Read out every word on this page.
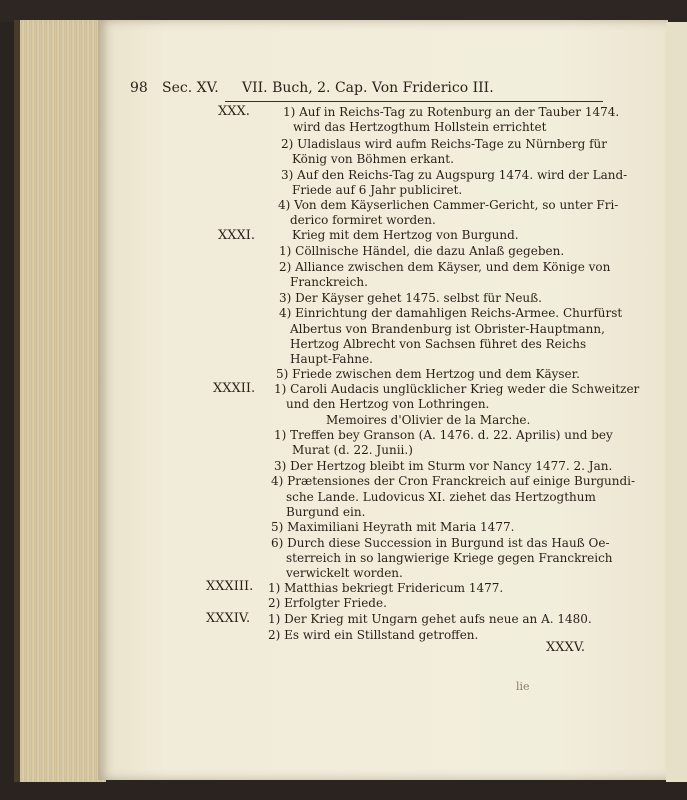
98 Sec. XV. VII. Buch, 2. Cap. Von Friderico III.
XXX.	1) Auf in Reichs-Tag zu Rotenburg an der Tauber 1474.
wird das Hertzogthum Hollstein errichtet
2) Uladislaus wird aufm Reichs-Tage zu Nürnberg für
König von Böhmen erkant.
3) Auf den Reichs-Tag zu Augspurg 1474. wird der Land-
Friede auf 6 Jahr publiciret.
4) Von dem Käyserlichen Cammer-Gericht, so unter Fri-
derico formiret worden.
XXXI.	Krieg mit dem Hertzog von Burgund.
1) Cöllnische Händel, die dazu Anlaß gegeben.
2) Alliance zwischen dem Käyser, und dem Könige von
Franckreich.
3) Der Käyser gehet 1475. selbst für Neuß.
4) Einrichtung der damahligen Reichs-Armee. Churfürst
Albertus von Brandenburg ist Obrister-Hauptmann,
Hertzog Albrecht von Sachsen führet des Reichs
Haupt-Fahne.
5) Friede zwischen dem Hertzog und dem Käyser.
XXXII. 1) Caroli Audacis unglücklicher Krieg weder die Schweitzer
und den Hertzog von Lothringen.
Memoires d'Olivier de la Marche.
1) Treffen bey Granson (A. 1476. d. 22. Aprilis) und bey
Murat (d. 22. Junii.)
3) Der Hertzog bleibt im Sturm vor Nancy 1477. 2. Jan.
4) Prætensiones der Cron Franckreich auf einige Burgundi-
sche Lande. Ludovicus XI. ziehet das Hertzogthum
Burgund ein.
5) Maximiliani Heyrath mit Maria 1477.
6) Durch diese Succession in Burgund ist das Hauß Oe-
sterreich in so langwierige Kriege gegen Franckreich
verwickelt worden.
XXXIII. 1) Matthias bekriegt Fridericum 1477.
2) Erfolgter Friede.
XXXIV. 1) Der Krieg mit Ungarn gehet aufs neue an A. 1480.
2) Es wird ein Stillstand getroffen.
XXXV.
lie
